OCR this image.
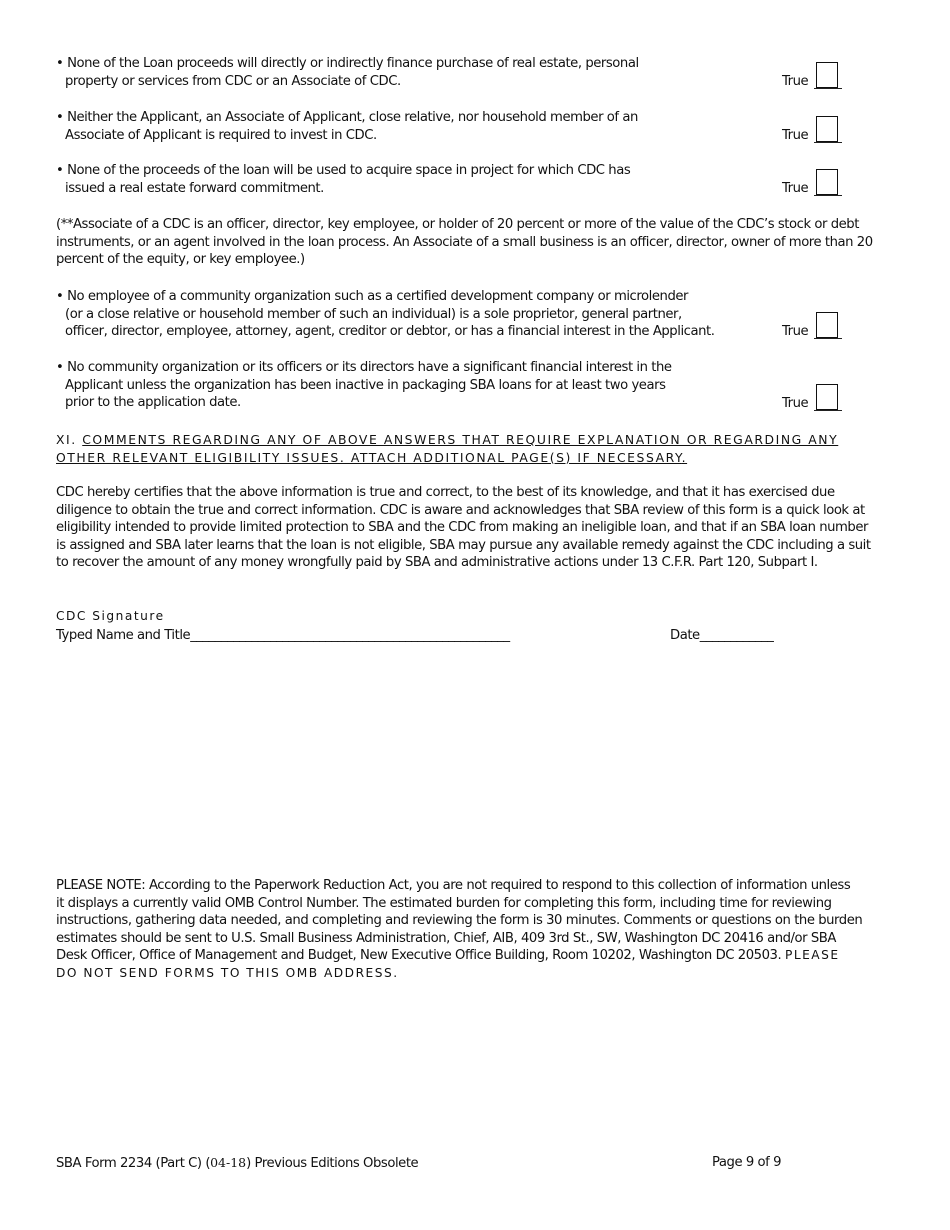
• None of the Loan proceeds will directly or indirectly finance purchase of real estate, personal
property or services from CDC or an Associate of CDC.	True
• Neither the Applicant, an Associate of Applicant, close relative, nor household member of an
Associate of Applicant is required to invest in CDC.	True
• None of the proceeds of the loan will be used to acquire space in project for which CDC has
issued a real estate forward commitment.	True
(**Associate of a CDC is an officer, director, key employee, or holder of 20 percent or more of the value of the CDC’s stock or debt
instruments, or an agent involved in the loan process. An Associate of a small business is an officer, director, owner of more than 20
percent of the equity, or key employee.)
• No employee of a community organization such as a certified development company or microlender
(or a close relative or household member of such an individual) is a sole proprietor, general partner,
officer, director, employee, attorney, agent, creditor or debtor, or has a financial interest in the Applicant.	True
• No community organization or its officers or its directors have a significant financial interest in the
Applicant unless the organization has been inactive in packaging SBA loans for at least two years
prior to the application date.	True
XI. COMMENTS REGARDING ANY OF ABOVE ANSWERS THAT REQUIRE EXPLANATION OR REGARDING ANY
OTHER RELEVANT ELIGIBILITY ISSUES. ATTACH ADDITIONAL PAGE(S) IF NECESSARY.
CDC hereby certifies that the above information is true and correct, to the best of its knowledge, and that it has exercised due
diligence to obtain the true and correct information. CDC is aware and acknowledges that SBA review of this form is a quick look at
eligibility intended to provide limited protection to SBA and the CDC from making an ineligible loan, and that if an SBA loan number
is assigned and SBA later learns that the loan is not eligible, SBA may pursue any available remedy against the CDC including a suit
to recover the amount of any money wrongfully paid by SBA and administrative actions under 13 C.F.R. Part 120, Subpart I.
CDC Signature
Typed Name and Title____________________________________________________	Date____________
PLEASE NOTE: According to the Paperwork Reduction Act, you are not required to respond to this collection of information unless
it displays a currently valid OMB Control Number. The estimated burden for completing this form, including time for reviewing
instructions, gathering data needed, and completing and reviewing the form is 30 minutes. Comments or questions on the burden
estimates should be sent to U.S. Small Business Administration, Chief, AIB, 409 3rd St., SW, Washington DC 20416 and/or SBA
Desk Officer, Office of Management and Budget, New Executive Office Building, Room 10202, Washington DC 20503. PLEASE
DO NOT SEND FORMS TO THIS OMB ADDRESS.
SBA Form 2234 (Part C) (04-18) Previous Editions Obsolete	Page 9 of 9
